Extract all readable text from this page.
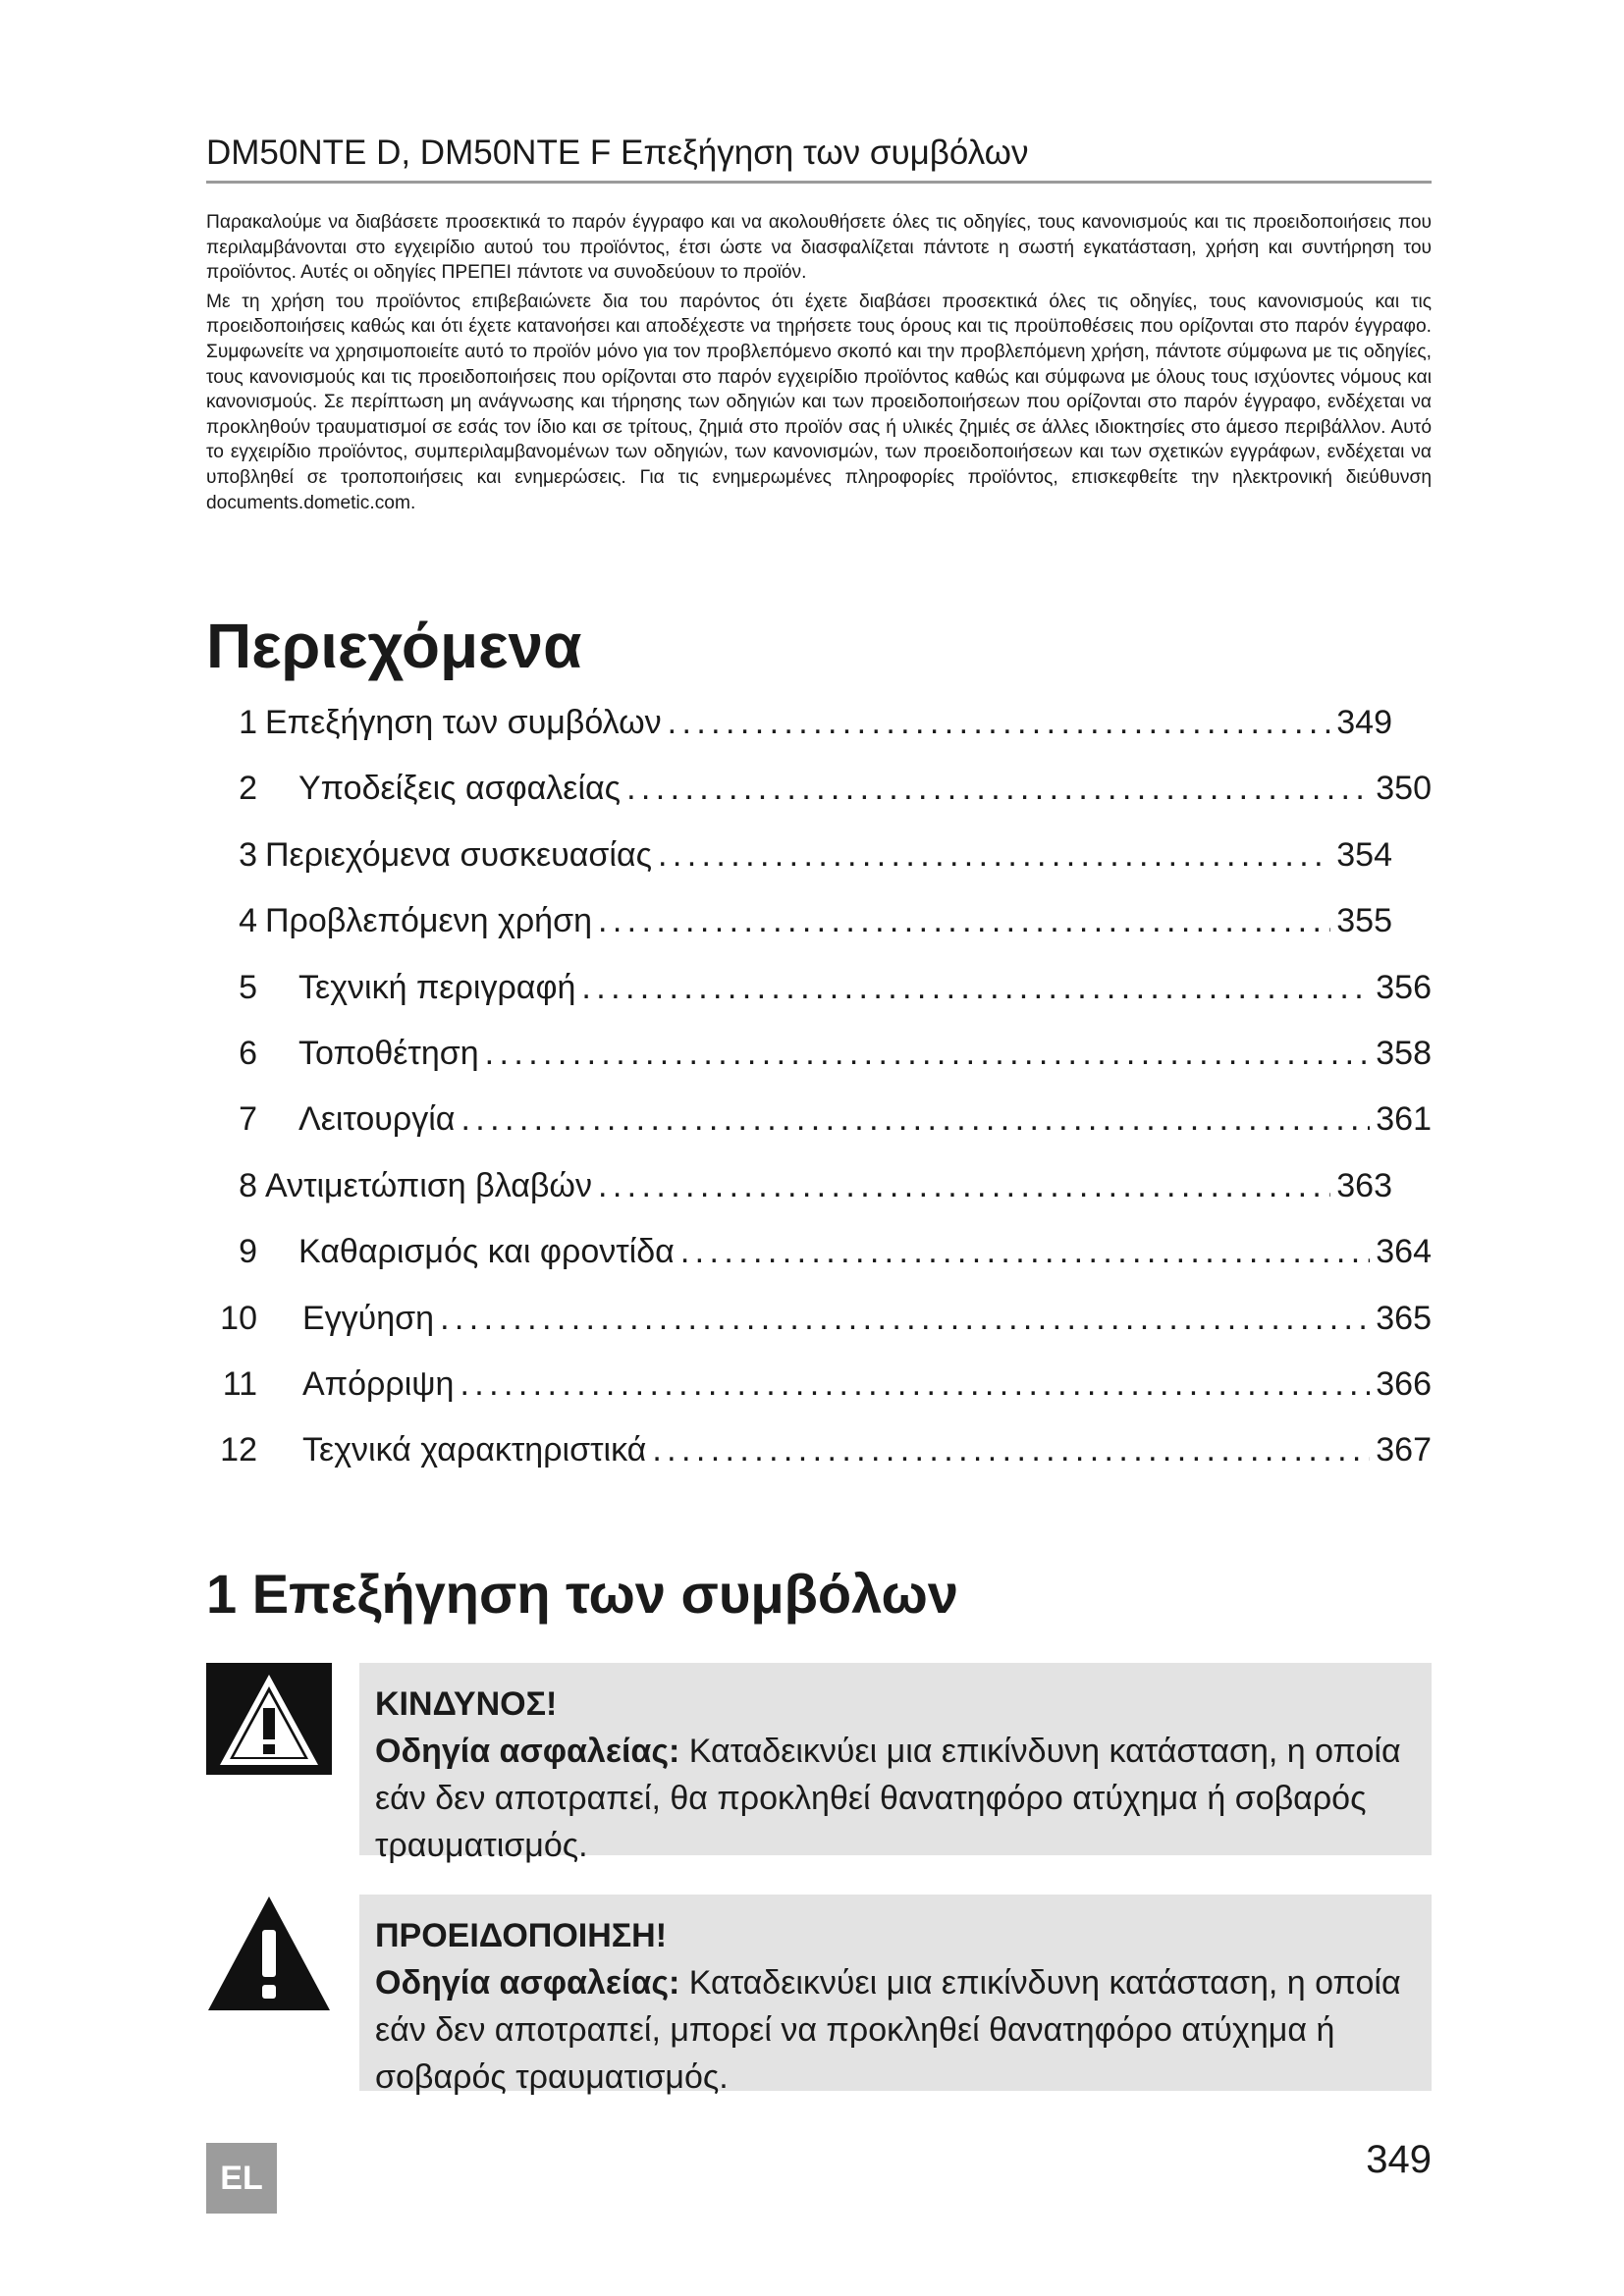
DM50NTE D, DM50NTE F Επεξήγηση των συμβόλων

Παρακαλούμε να διαβάσετε προσεκτικά το παρόν έγγραφο και να ακολουθήσετε όλες τις οδηγίες, τους κανονισμούς και τις προειδοποιήσεις που περιλαμβάνονται στο εγχειρίδιο αυτού του προϊόντος, έτσι ώστε να διασφαλίζεται πάντοτε η σωστή εγκατάσταση, χρήση και συντήρηση του προϊόντος. Αυτές οι οδηγίες ΠΡΕΠΕΙ πάντοτε να συνοδεύουν το προϊόν.

Με τη χρήση του προϊόντος επιβεβαιώνετε δια του παρόντος ότι έχετε διαβάσει προσεκτικά όλες τις οδηγίες, τους κανονισμούς και τις προειδοποιήσεις καθώς και ότι έχετε κατανοήσει και αποδέχεστε να τηρήσετε τους όρους και τις προϋποθέσεις που ορίζονται στο παρόν έγγραφο. Συμφωνείτε να χρησιμοποιείτε αυτό το προϊόν μόνο για τον προβλεπόμενο σκοπό και την προβλεπόμενη χρήση, πάντοτε σύμφωνα με τις οδηγίες, τους κανονισμούς και τις προειδοποιήσεις που ορίζονται στο παρόν εγχειρίδιο προϊόντος καθώς και σύμφωνα με όλους τους ισχύοντες νόμους και κανονισμούς. Σε περίπτωση μη ανάγνωσης και τήρησης των οδηγιών και των προειδοποιήσεων που ορίζονται στο παρόν έγγραφο, ενδέχεται να προκληθούν τραυματισμοί σε εσάς τον ίδιο και σε τρίτους, ζημιά στο προϊόν σας ή υλικές ζημιές σε άλλες ιδιοκτησίες στο άμεσο περιβάλλον. Αυτό το εγχειρίδιο προϊόντος, συμπεριλαμβανομένων των οδηγιών, των κανονισμών, των προειδοποιήσεων και των σχετικών εγγράφων, ενδέχεται να υποβληθεί σε τροποποιήσεις και ενημερώσεις. Για τις ενημερωμένες πληροφορίες προϊόντος, επισκεφθείτε την ηλεκτρονική διεύθυνση documents.dometic.com.

Περιεχόμενα
1 Επεξήγηση των συμβόλων .....	349
2 Υποδείξεις ασφαλείας .....	350
3 Περιεχόμενα συσκευασίας .....	354
4 Προβλεπόμενη χρήση .....	355
5 Τεχνική περιγραφή .....	356
6 Τοποθέτηση .....	358
7 Λειτουργία .....	361
8 Αντιμετώπιση βλαβών .....	363
9 Καθαρισμός και φροντίδα .....	364
10 Εγγύηση .....	365
11 Απόρριψη .....	366
12 Τεχνικά χαρακτηριστικά .....	367
1 Επεξήγηση των συμβόλων
ΚΙΝΔΥΝΟΣ!
Οδηγία ασφαλείας: Καταδεικνύει μια επικίνδυνη κατάσταση, η οποία εάν δεν αποτραπεί, θα προκληθεί θανατηφόρο ατύχημα ή σοβαρός τραυματισμός.
ΠΡΟΕΙΔΟΠΟΙΗΣΗ!
Οδηγία ασφαλείας: Καταδεικνύει μια επικίνδυνη κατάσταση, η οποία εάν δεν αποτραπεί, μπορεί να προκληθεί θανατηφόρο ατύχημα ή σοβαρός τραυματισμός.
EL	349
